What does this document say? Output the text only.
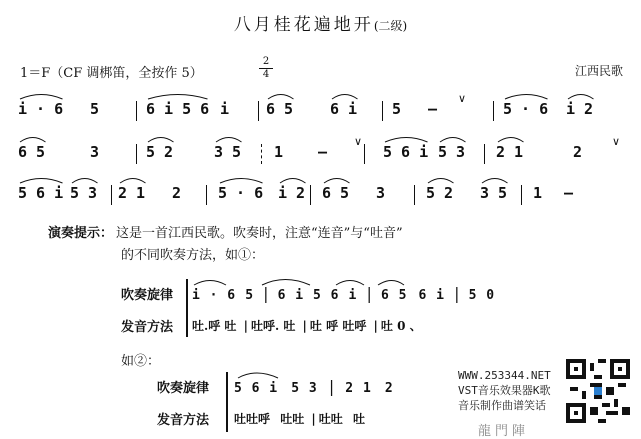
八月桂花遍地开(二级)
1＝F（CF 调梆笛，全按作 5）
2
4	江西民歌
i · 6 5	6 i 5 6 i 6 5 6 i 5 –	5 · 6 i 2
∨
6 5	3	5 2	3 5 1 –	5 6 i 5 3 2 1	2
∨	∨
5 6 i 5 3 2 1 2 5 · 6 i 2 6 5 3	5 2 3 5 1 –
演奏提示： 这是一首江西民歌。吹奏时，注意“连音”与“吐音”
的不同吹奏方法，如①：
吹奏旋律 i · 6 5 | 6 i 5 6 i | 6 5 6 i | 5 0
发音方法 吐.呼 吐 | 吐呼. 吐 | 吐 呼 吐呼 | 吐 0 、
如②：
吹奏旋律 5 6 i 5 3 | 2 1 2
发音方法 吐吐呼 吐吐 | 吐吐 吐
WWW.253344.NET
VST音乐效果器K歌
音乐制作曲谱笑话
龍門陣
